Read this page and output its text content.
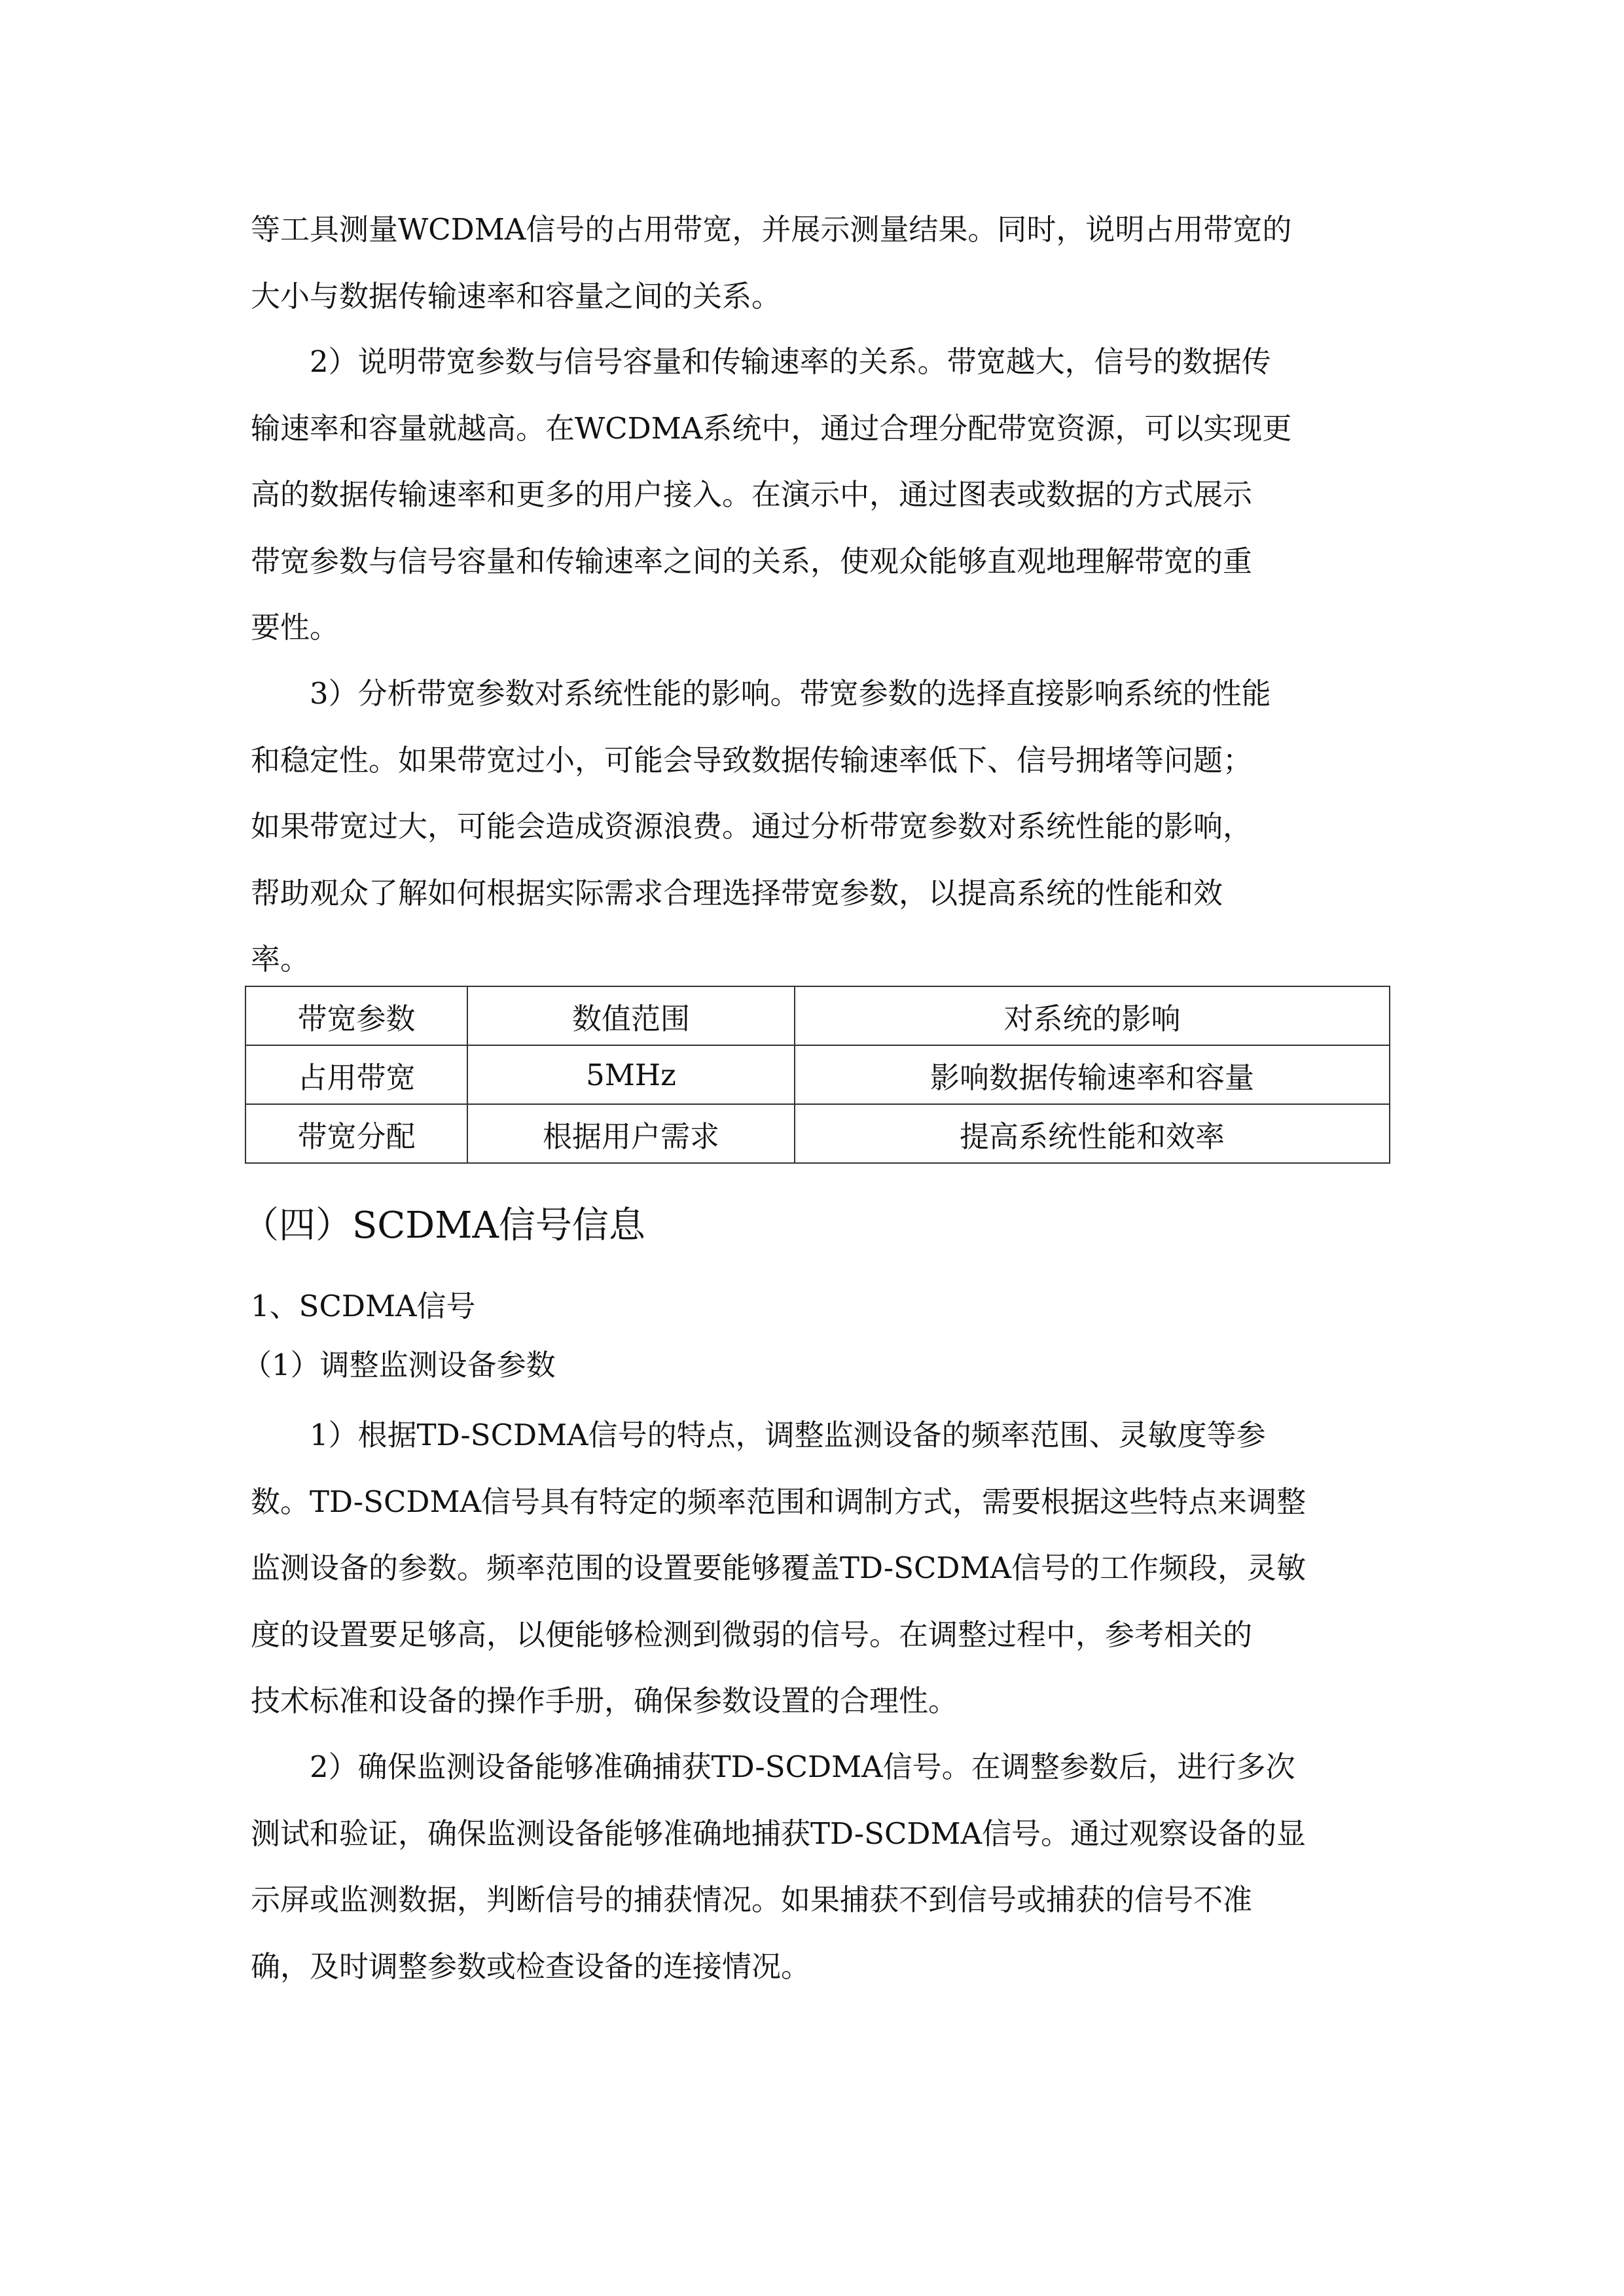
等工具测量WCDMA信号的占用带宽，并展示测量结果。同时，说明占用带宽的
大小与数据传输速率和容量之间的关系。
2）说明带宽参数与信号容量和传输速率的关系。带宽越大，信号的数据传
输速率和容量就越高。在WCDMA系统中，通过合理分配带宽资源，可以实现更
高的数据传输速率和更多的用户接入。在演示中，通过图表或数据的方式展示
带宽参数与信号容量和传输速率之间的关系，使观众能够直观地理解带宽的重
要性。
3）分析带宽参数对系统性能的影响。带宽参数的选择直接影响系统的性能
和稳定性。如果带宽过小，可能会导致数据传输速率低下、信号拥堵等问题；
如果带宽过大，可能会造成资源浪费。通过分析带宽参数对系统性能的影响，
帮助观众了解如何根据实际需求合理选择带宽参数，以提高系统的性能和效
率。
带宽参数	数值范围	对系统的影响
占用带宽	5MHz	影响数据传输速率和容量
带宽分配	根据用户需求	提高系统性能和效率
（四）SCDMA信号信息
1、SCDMA信号
（1）调整监测设备参数
1）根据TD-SCDMA信号的特点，调整监测设备的频率范围、灵敏度等参
数。TD-SCDMA信号具有特定的频率范围和调制方式，需要根据这些特点来调整
监测设备的参数。频率范围的设置要能够覆盖TD-SCDMA信号的工作频段，灵敏
度的设置要足够高，以便能够检测到微弱的信号。在调整过程中，参考相关的
技术标准和设备的操作手册，确保参数设置的合理性。
2）确保监测设备能够准确捕获TD-SCDMA信号。在调整参数后，进行多次
测试和验证，确保监测设备能够准确地捕获TD-SCDMA信号。通过观察设备的显
示屏或监测数据，判断信号的捕获情况。如果捕获不到信号或捕获的信号不准
确，及时调整参数或检查设备的连接情况。
